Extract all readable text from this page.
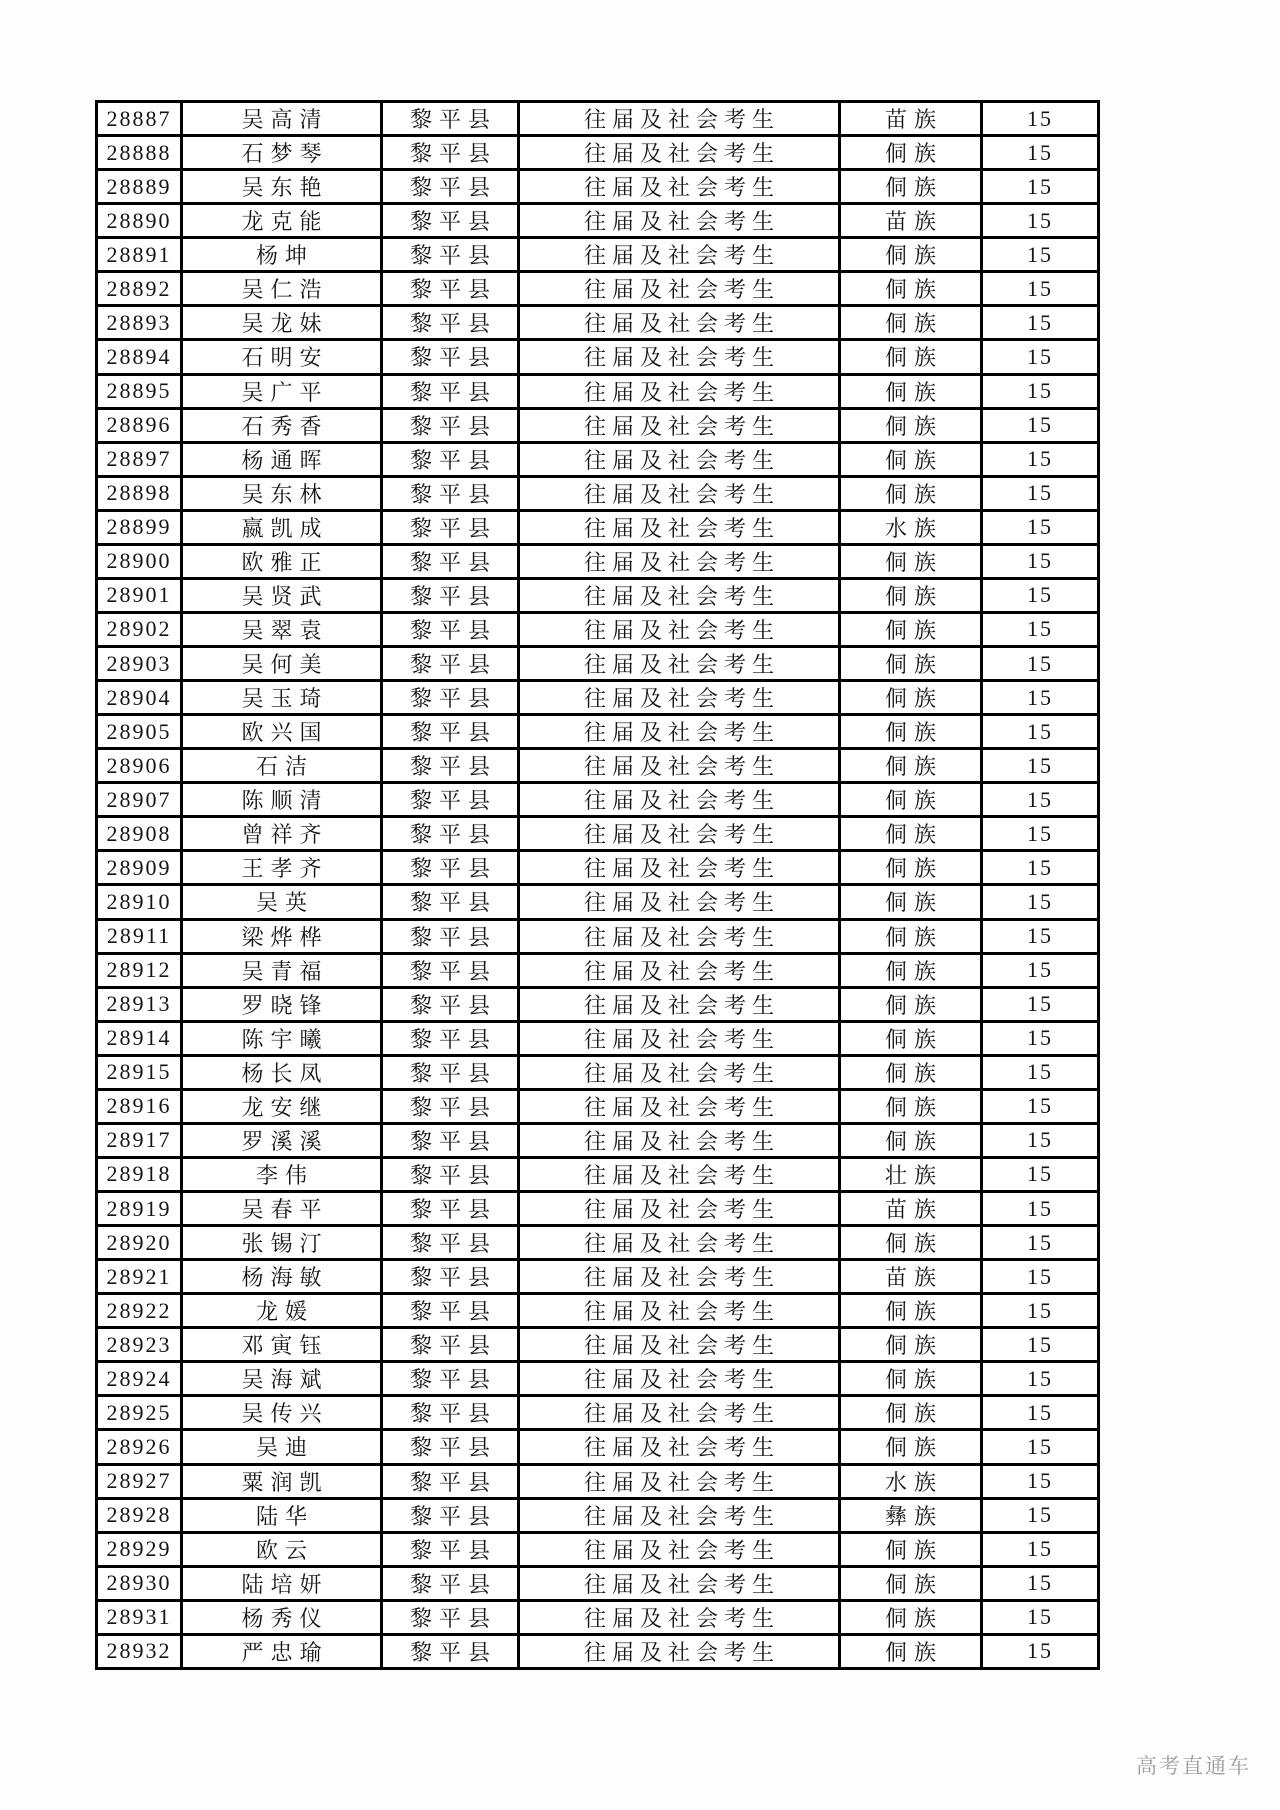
28887	吴高清	黎平县	往届及社会考生	苗族	15
28888	石梦琴	黎平县	往届及社会考生	侗族	15
28889	吴东艳	黎平县	往届及社会考生	侗族	15
28890	龙克能	黎平县	往届及社会考生	苗族	15
28891	杨坤	黎平县	往届及社会考生	侗族	15
28892	吴仁浩	黎平县	往届及社会考生	侗族	15
28893	吴龙妹	黎平县	往届及社会考生	侗族	15
28894	石明安	黎平县	往届及社会考生	侗族	15
28895	吴广平	黎平县	往届及社会考生	侗族	15
28896	石秀香	黎平县	往届及社会考生	侗族	15
28897	杨通晖	黎平县	往届及社会考生	侗族	15
28898	吴东林	黎平县	往届及社会考生	侗族	15
28899	嬴凯成	黎平县	往届及社会考生	水族	15
28900	欧雅正	黎平县	往届及社会考生	侗族	15
28901	吴贤武	黎平县	往届及社会考生	侗族	15
28902	吴翠袁	黎平县	往届及社会考生	侗族	15
28903	吴何美	黎平县	往届及社会考生	侗族	15
28904	吴玉琦	黎平县	往届及社会考生	侗族	15
28905	欧兴国	黎平县	往届及社会考生	侗族	15
28906	石洁	黎平县	往届及社会考生	侗族	15
28907	陈顺清	黎平县	往届及社会考生	侗族	15
28908	曾祥齐	黎平县	往届及社会考生	侗族	15
28909	王孝齐	黎平县	往届及社会考生	侗族	15
28910	吴英	黎平县	往届及社会考生	侗族	15
28911	梁烨桦	黎平县	往届及社会考生	侗族	15
28912	吴青福	黎平县	往届及社会考生	侗族	15
28913	罗晓锋	黎平县	往届及社会考生	侗族	15
28914	陈宇曦	黎平县	往届及社会考生	侗族	15
28915	杨长凤	黎平县	往届及社会考生	侗族	15
28916	龙安继	黎平县	往届及社会考生	侗族	15
28917	罗溪溪	黎平县	往届及社会考生	侗族	15
28918	李伟	黎平县	往届及社会考生	壮族	15
28919	吴春平	黎平县	往届及社会考生	苗族	15
28920	张锡汀	黎平县	往届及社会考生	侗族	15
28921	杨海敏	黎平县	往届及社会考生	苗族	15
28922	龙媛	黎平县	往届及社会考生	侗族	15
28923	邓寅钰	黎平县	往届及社会考生	侗族	15
28924	吴海斌	黎平县	往届及社会考生	侗族	15
28925	吴传兴	黎平县	往届及社会考生	侗族	15
28926	吴迪	黎平县	往届及社会考生	侗族	15
28927	粟润凯	黎平县	往届及社会考生	水族	15
28928	陆华	黎平县	往届及社会考生	彝族	15
28929	欧云	黎平县	往届及社会考生	侗族	15
28930	陆培妍	黎平县	往届及社会考生	侗族	15
28931	杨秀仪	黎平县	往届及社会考生	侗族	15
28932	严忠瑜	黎平县	往届及社会考生	侗族	15
高考直通车
